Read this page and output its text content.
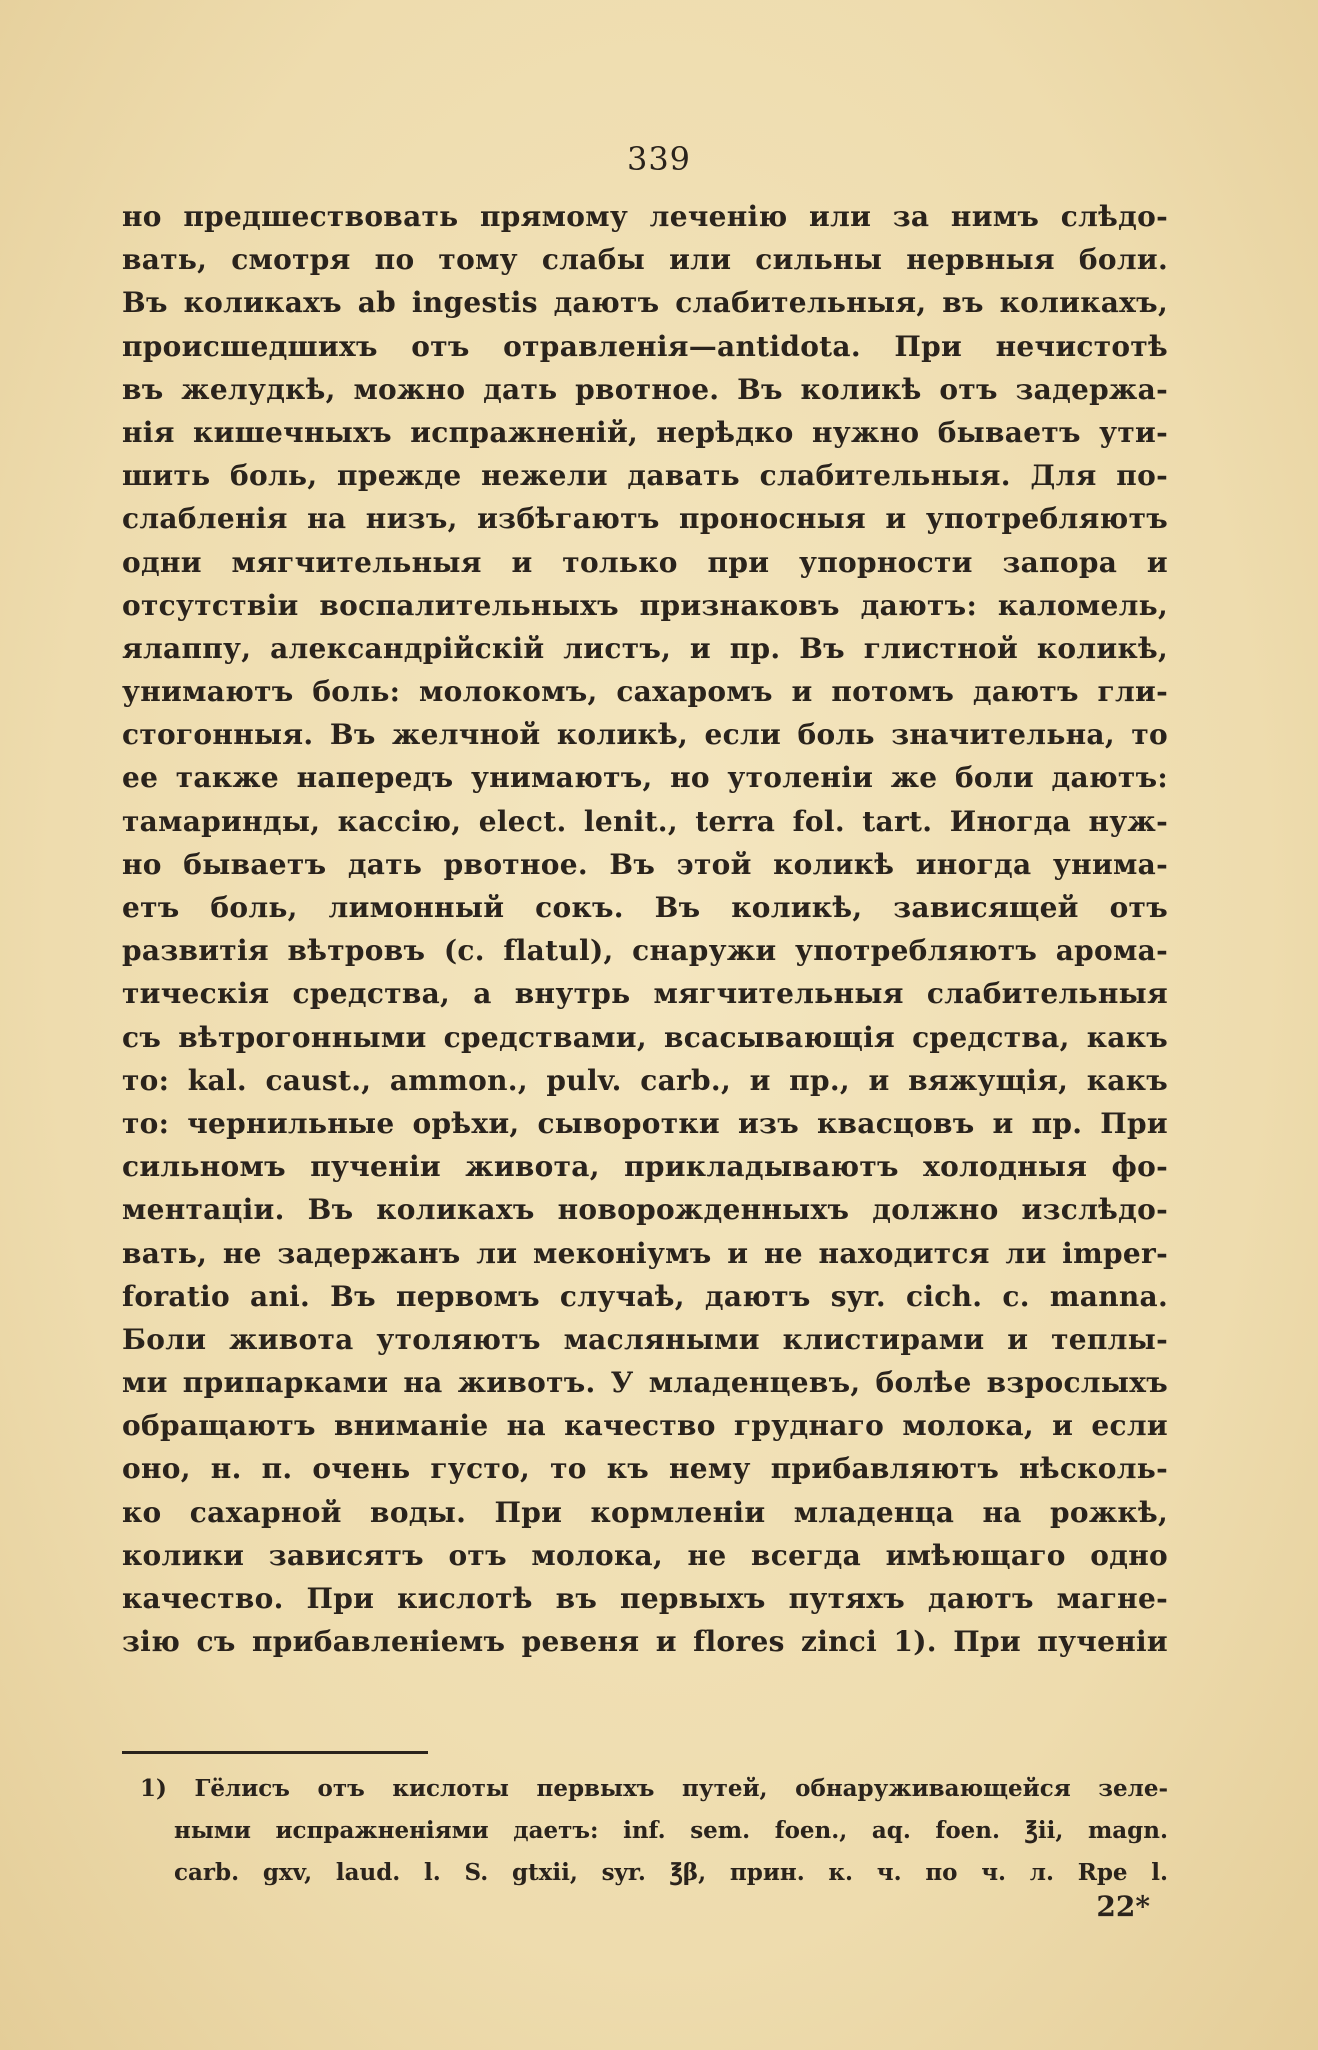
339
но предшествовать прямому леченію или за нимъ слѣдо-
вать, смотря по тому слабы или сильны нервныя боли.
Въ коликахъ ab ingestis даютъ слабительныя, въ коликахъ,
происшедшихъ отъ отравленія—antidota. При нечистотѣ
въ желудкѣ, можно дать рвотное. Въ коликѣ отъ задержа-
нія кишечныхъ испражненій, нерѣдко нужно бываетъ ути-
шить боль, прежде нежели давать слабительныя. Для по-
слабленія на низъ, избѣгаютъ проносныя и употребляютъ
одни мягчительныя и только при упорности запора и
отсутствіи воспалительныхъ признаковъ даютъ: каломель,
ялаппу, александрійскій листъ, и пр. Въ глистной коликѣ,
унимаютъ боль: молокомъ, сахаромъ и потомъ даютъ гли-
стогонныя. Въ желчной коликѣ, если боль значительна, то
ее также напередъ унимаютъ, но утоленіи же боли даютъ:
тамаринды, кассію, elect. lenit., terra fol. tart. Иногда нуж-
но бываетъ дать рвотное. Въ этой коликѣ иногда унима-
етъ боль, лимонный сокъ. Въ коликѣ, зависящей отъ
развитія вѣтровъ (c. flatul), снаружи употребляютъ арома-
тическія средства, а внутрь мягчительныя слабительныя
съ вѣтрогонными средствами, всасывающія средства, какъ
то: kal. caust., ammon., pulv. carb., и пр., и вяжущія, какъ
то: чернильные орѣхи, сыворотки изъ квасцовъ и пр. При
сильномъ пученіи живота, прикладываютъ холодныя фо-
ментаціи. Въ коликахъ новорожденныхъ должно изслѣдо-
вать, не задержанъ ли меконіумъ и не находится ли imper-
foratio ani. Въ первомъ случаѣ, даютъ syr. cich. c. manna.
Боли живота утоляютъ масляными клистирами и теплы-
ми припарками на животъ. У младенцевъ, болѣе взрослыхъ
обращаютъ вниманіе на качество груднаго молока, и если
оно, н. п. очень густо, то къ нему прибавляютъ нѣсколь-
ко сахарной воды. При кормленіи младенца на рожкѣ,
колики зависятъ отъ молока, не всегда имѣющаго одно
качество. При кислотѣ въ первыхъ путяхъ даютъ магне-
зію съ прибавленіемъ ревеня и flores zinci 1). При пученіи
1) Гёлисъ отъ кислоты первыхъ путей, обнаруживающейся зеле-
ными испражненіями даетъ: inf. sem. foen., aq. foen. ℥ii, magn.
carb. gxv, laud. l. S. gtxii, syr. ℥β, прин. к. ч. по ч. л. Rpe l.
22*
